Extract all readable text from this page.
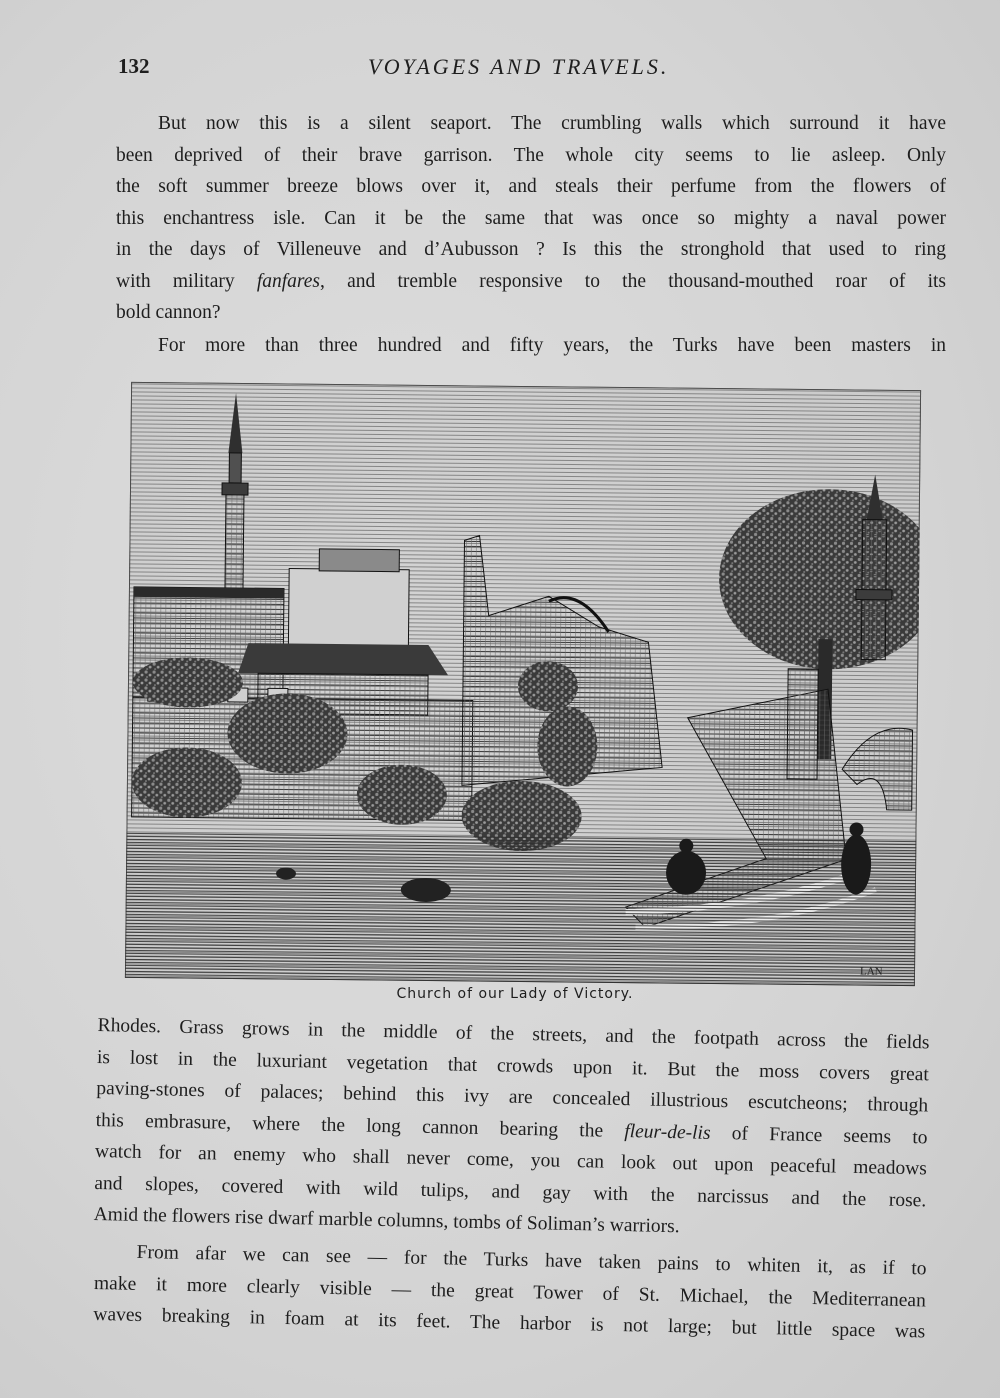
132	VOYAGES AND TRAVELS.

But now this is a silent seaport. The crumbling walls which surround it have
been deprived of their brave garrison. The whole city seems to lie asleep. Only
the soft summer breeze blows over it, and steals their perfume from the flowers of
this enchantress isle. Can it be the same that was once so mighty a naval power
in the days of Villeneuve and d’Aubusson ? Is this the stronghold that used to ring
with military fanfares, and tremble responsive to the thousand-mouthed roar of its
bold cannon?

For more than three hundred and fifty years, the Turks have been masters in

LAN
Church of our Lady of Victory.

Rhodes. Grass grows in the middle of the streets, and the footpath across the fields
is lost in the luxuriant vegetation that crowds upon it. But the moss covers great
paving-stones of palaces; behind this ivy are concealed illustrious escutcheons; through
this embrasure, where the long cannon bearing the fleur-de-lis of France seems to
watch for an enemy who shall never come, you can look out upon peaceful meadows
and slopes, covered with wild tulips, and gay with the narcissus and the rose.
Amid the flowers rise dwarf marble columns, tombs of Soliman’s warriors.

From afar we can see — for the Turks have taken pains to whiten it, as if to
make it more clearly visible — the great Tower of St. Michael, the Mediterranean
waves breaking in foam at its feet. The harbor is not large; but little space was
